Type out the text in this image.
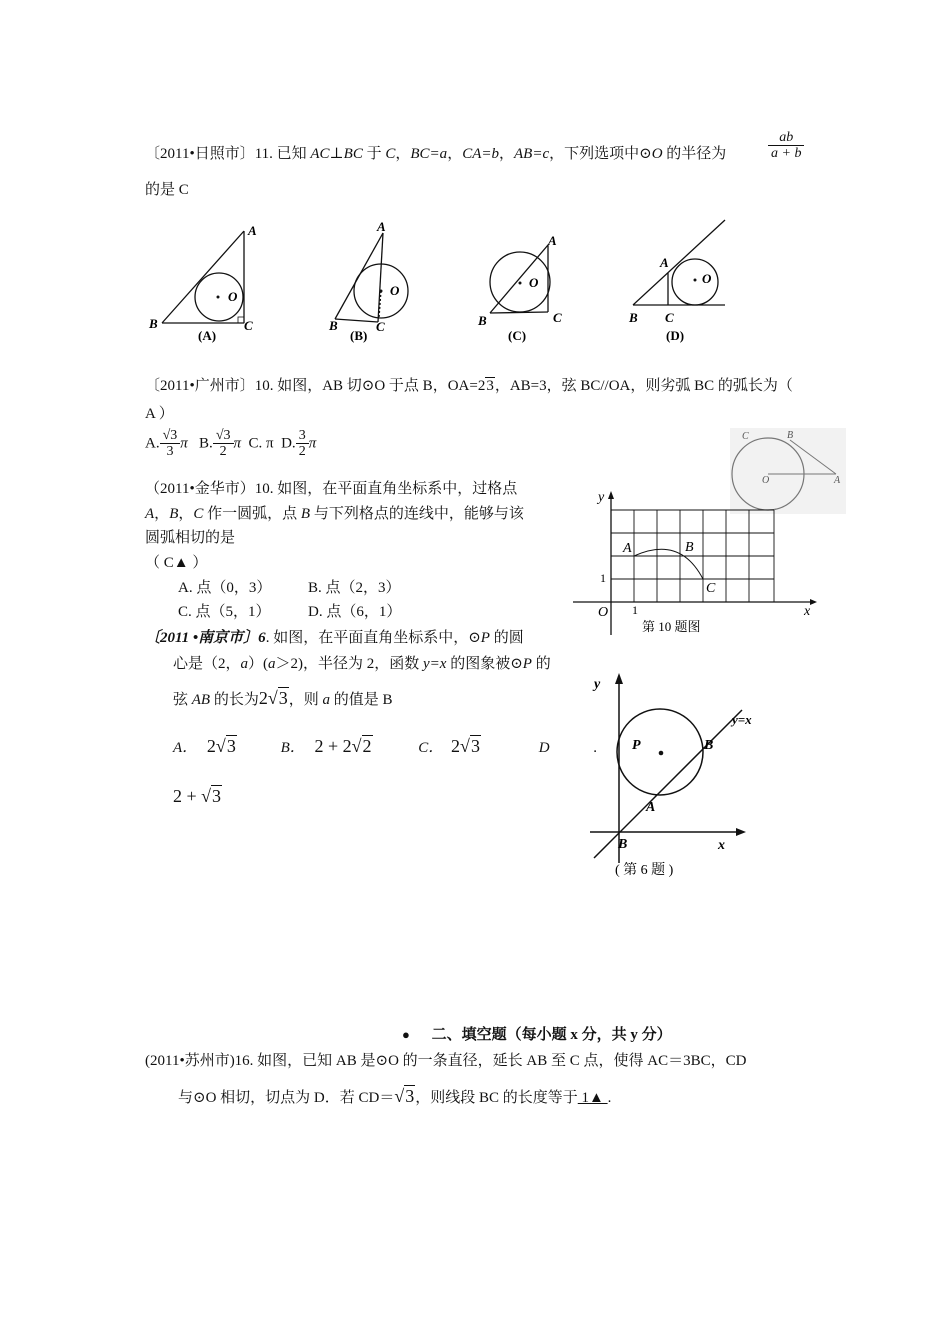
〔2011•日照市〕11. 已知 AC⊥BC 于 C，BC=a，CA=b，AB=c，下列选项中⊙O 的半径为	$\frac{ab}{a + b}$
的是 C
A
B	C
O
(A)
A
B	C
O
(B)
A
B	C
O
(C)
A
B C
O
(D)
〔2011•广州市〕10. 如图，AB 切⊙O 于点 B，OA=23，AB=3，弦 BC//OA，则劣弧 BC 的弧长为（
A ）
A. $\frac{√3}{3}$ π B. $\frac{√3}{2}$ π C. π D. $\frac{3}{2}$ π	C	B
O	A
（2011•金华市）10. 如图，在平面直角坐标系中，过格点
A，B，C 作一圆弧，点 B 与下列格点的连线中，能够与该
圆弧相切的是
（ C▲ ）
A. 点（0，3） B. 点（2，3）
C. 点（5，1） D. 点（6，1）
y
x
O
1
1
A	B
C
第 10 题图
〔2011 •南京市〕6. 如图，在平面直角坐标系中，⊙P 的圆
心是（2，a）(a＞2)，半径为 2，函数 y=x 的图象被⊙P 的
弦 AB 的长为2√3，则 a 的值是 B
A． 2√3	B． 2 + 2√2	C． 2√3	D	.
2 + √3
y
x
y=x
P	B
A
B
( 第 6 题 )
● 二、填空题（每小题 x 分，共 y 分）
(2011•苏州市)16. 如图，已知 AB 是⊙O 的一条直径，延长 AB 至 C 点，使得 AC＝3BC，CD
与⊙O 相切，切点为 D．若 CD＝√3，则线段 BC 的长度等于 1▲ .
